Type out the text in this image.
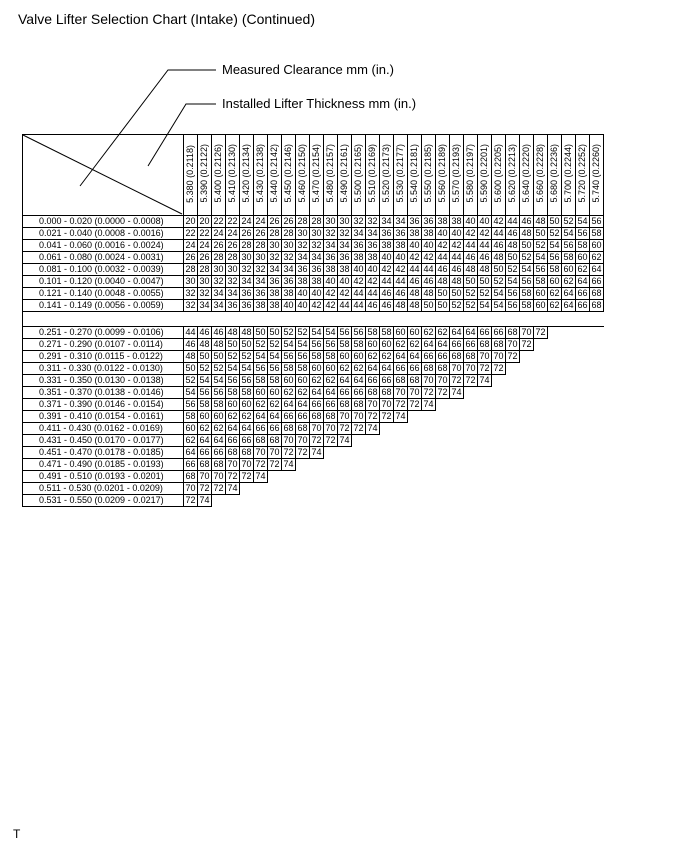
Valve Lifter Selection Chart (Intake) (Continued)
Measured Clearance mm (in.)
Installed Lifter Thickness mm (in.)
	5.380 (0.2118)	5.390 (0.2122)	5.400 (0.2126)	5.410 (0.2130)	5.420 (0.2134)	5.430 (0.2138)	5.440 (0.2142)	5.450 (0.2146)	5.460 (0.2150)	5.470 (0.2154)	5.480 (0.2157)	5.490 (0.2161)	5.500 (0.2165)	5.510 (0.2169)	5.520 (0.2173)	5.530 (0.2177)	5.540 (0.2181)	5.550 (0.2185)	5.560 (0.2189)	5.570 (0.2193)	5.580 (0.2197)	5.590 (0.2201)	5.600 (0.2205)	5.620 (0.2213)	5.640 (0.2220)	5.660 (0.2228)	5.680 (0.2236)	5.700 (0.2244)	5.720 (0.2252)	5.740 (0.2260)
0.000 - 0.020 (0.0000 - 0.0008)	20	20	22	22	24	24	26	26	28	28	30	30	32	32	34	34	36	36	38	38	40	40	42	44	46	48	50	52	54	56
0.021 - 0.040 (0.0008 - 0.0016)	22	22	24	24	26	26	28	28	30	30	32	32	34	34	36	36	38	38	40	40	42	42	44	46	48	50	52	54	56	58
0.041 - 0.060 (0.0016 - 0.0024)	24	24	26	26	28	28	30	30	32	32	34	34	36	36	38	38	40	40	42	42	44	44	46	48	50	52	54	56	58	60
0.061 - 0.080 (0.0024 - 0.0031)	26	26	28	28	30	30	32	32	34	34	36	36	38	38	40	40	42	42	44	44	46	46	48	50	52	54	56	58	60	62
0.081 - 0.100 (0.0032 - 0.0039)	28	28	30	30	32	32	34	34	36	36	38	38	40	40	42	42	44	44	46	46	48	48	50	52	54	56	58	60	62	64
0.101 - 0.120 (0.0040 - 0.0047)	30	30	32	32	34	34	36	36	38	38	40	40	42	42	44	44	46	46	48	48	50	50	52	54	56	58	60	62	64	66
0.121 - 0.140 (0.0048 - 0.0055)	32	32	34	34	36	36	38	38	40	40	42	42	44	44	46	46	48	48	50	50	52	52	54	56	58	60	62	64	66	68
0.141 - 0.149 (0.0056 - 0.0059)	32	34	34	36	36	38	38	40	40	42	42	44	44	46	46	48	48	50	50	52	52	54	54	56	58	60	62	64	66	68

0.251 - 0.270 (0.0099 - 0.0106)	44	46	46	48	48	50	50	52	52	54	54	56	56	58	58	60	60	62	62	64	64	66	66	68	70	72				
0.271 - 0.290 (0.0107 - 0.0114)	46	48	48	50	50	52	52	54	54	56	56	58	58	60	60	62	62	64	64	66	66	68	68	70	72					
0.291 - 0.310 (0.0115 - 0.0122)	48	50	50	52	52	54	54	56	56	58	58	60	60	62	62	64	64	66	66	68	68	70	70	72						
0.311 - 0.330 (0.0122 - 0.0130)	50	52	52	54	54	56	56	58	58	60	60	62	62	64	64	66	66	68	68	70	70	72	72							
0.331 - 0.350 (0.0130 - 0.0138)	52	54	54	56	56	58	58	60	60	62	62	64	64	66	66	68	68	70	70	72	72	74								
0.351 - 0.370 (0.0138 - 0.0146)	54	56	56	58	58	60	60	62	62	64	64	66	66	68	68	70	70	72	72	74										
0.371 - 0.390 (0.0146 - 0.0154)	56	58	58	60	60	62	62	64	64	66	66	68	68	70	70	72	72	74												
0.391 - 0.410 (0.0154 - 0.0161)	58	60	60	62	62	64	64	66	66	68	68	70	70	72	72	74														
0.411 - 0.430 (0.0162 - 0.0169)	60	62	62	64	64	66	66	68	68	70	70	72	72	74																
0.431 - 0.450 (0.0170 - 0.0177)	62	64	64	66	66	68	68	70	70	72	72	74																		
0.451 - 0.470 (0.0178 - 0.0185)	64	66	66	68	68	70	70	72	72	74																				
0.471 - 0.490 (0.0185 - 0.0193)	66	68	68	70	70	72	72	74																						
0.491 - 0.510 (0.0193 - 0.0201)	68	70	70	72	72	74																								
0.511 - 0.530 (0.0201 - 0.0209)	70	72	72	74																										
0.531 - 0.550 (0.0209 - 0.0217)	72	74																												
T
